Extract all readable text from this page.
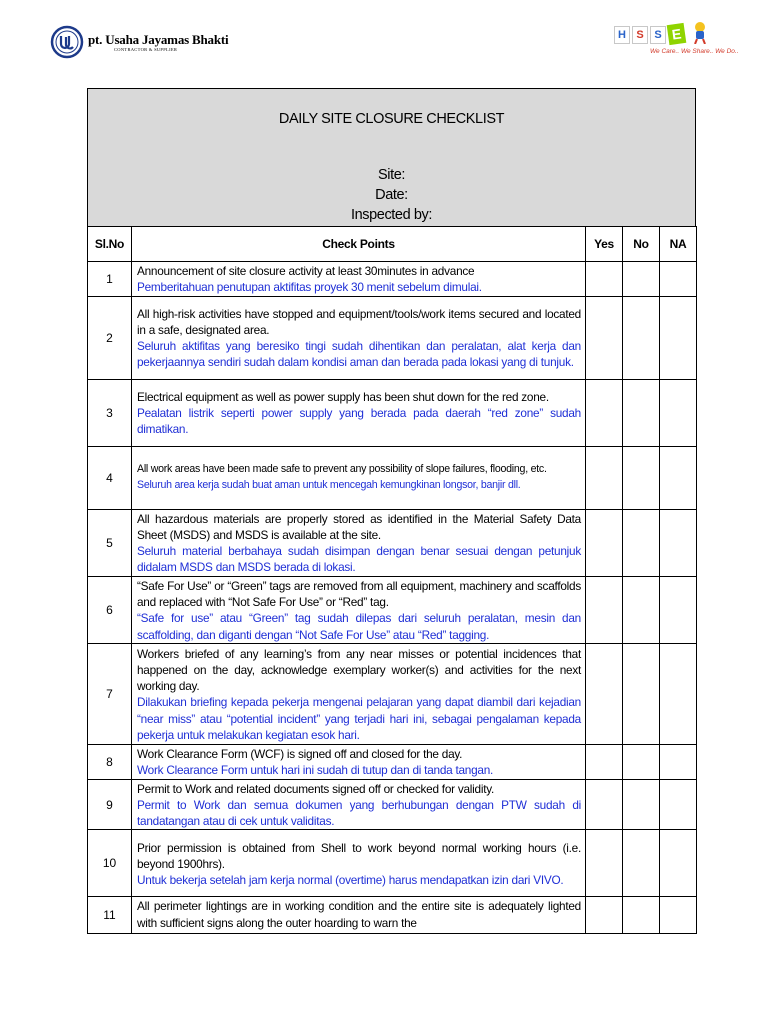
pt. Usaha Jayamas Bhakti
CONTRACTOR & SUPPLIER
H S S E
We Care.. We Share.. We Do..
DAILY SITE CLOSURE CHECKLIST
Site:
Date:
Inspected by:
Sl.No	Check Points	Yes	No	NA
1	Announcement of site closure activity at least 30minutes in advance
Pemberitahuan penutupan aktifitas proyek 30 menit sebelum dimulai.			

2	All high-risk activities have stopped and equipment/tools/work items secured and located in a safe, designated area.
Seluruh aktifitas yang beresiko tingi sudah dihentikan dan peralatan, alat kerja dan pekerjaannya sendiri sudah dalam kondisi aman dan berada pada lokasi yang di tunjuk.			

3	Electrical equipment as well as power supply has been shut down for the red zone.
Pealatan listrik seperti power supply yang berada pada daerah “red zone” sudah dimatikan.			

4	All work areas have been made safe to prevent any possibility of slope failures, flooding, etc.
Seluruh area kerja sudah buat aman untuk mencegah kemungkinan longsor, banjir dll.			

5	All hazardous materials are properly stored as identified in the Material Safety Data Sheet (MSDS) and MSDS is available at the site.
Seluruh material berbahaya sudah disimpan dengan benar sesuai dengan petunjuk didalam MSDS dan MSDS berada di lokasi.			

6	“Safe For Use” or “Green” tags are removed from all equipment, machinery and scaffolds and replaced with “Not Safe For Use” or “Red” tag.
“Safe for use” atau “Green” tag sudah dilepas dari seluruh peralatan, mesin dan scaffolding, dan diganti dengan “Not Safe For Use” atau “Red” tagging.			

7	Workers briefed of any learning’s from any near misses or potential incidences that happened on the day, acknowledge exemplary worker(s) and activities for the next working day.
Dilakukan briefing kepada pekerja mengenai pelajaran yang dapat diambil dari kejadian “near miss” atau “potential incident” yang terjadi hari ini, sebagai pengalaman kepada pekerja untuk melakukan kegiatan esok hari.			

8	Work Clearance Form (WCF) is signed off and closed for the day.
Work Clearance Form untuk hari ini sudah di tutup dan di tanda tangan.			

9	Permit to Work and related documents signed off or checked for validity.
Permit to Work dan semua dokumen yang berhubungan dengan PTW sudah di tandatangan atau di cek untuk validitas.			

10	Prior permission is obtained from Shell to work beyond normal working hours (i.e. beyond 1900hrs).
Untuk bekerja setelah jam kerja normal (overtime) harus mendapatkan izin dari VIVO.			

11	All perimeter lightings are in working condition and the entire site is adequately lighted with sufficient signs along the outer hoarding to warn the			
